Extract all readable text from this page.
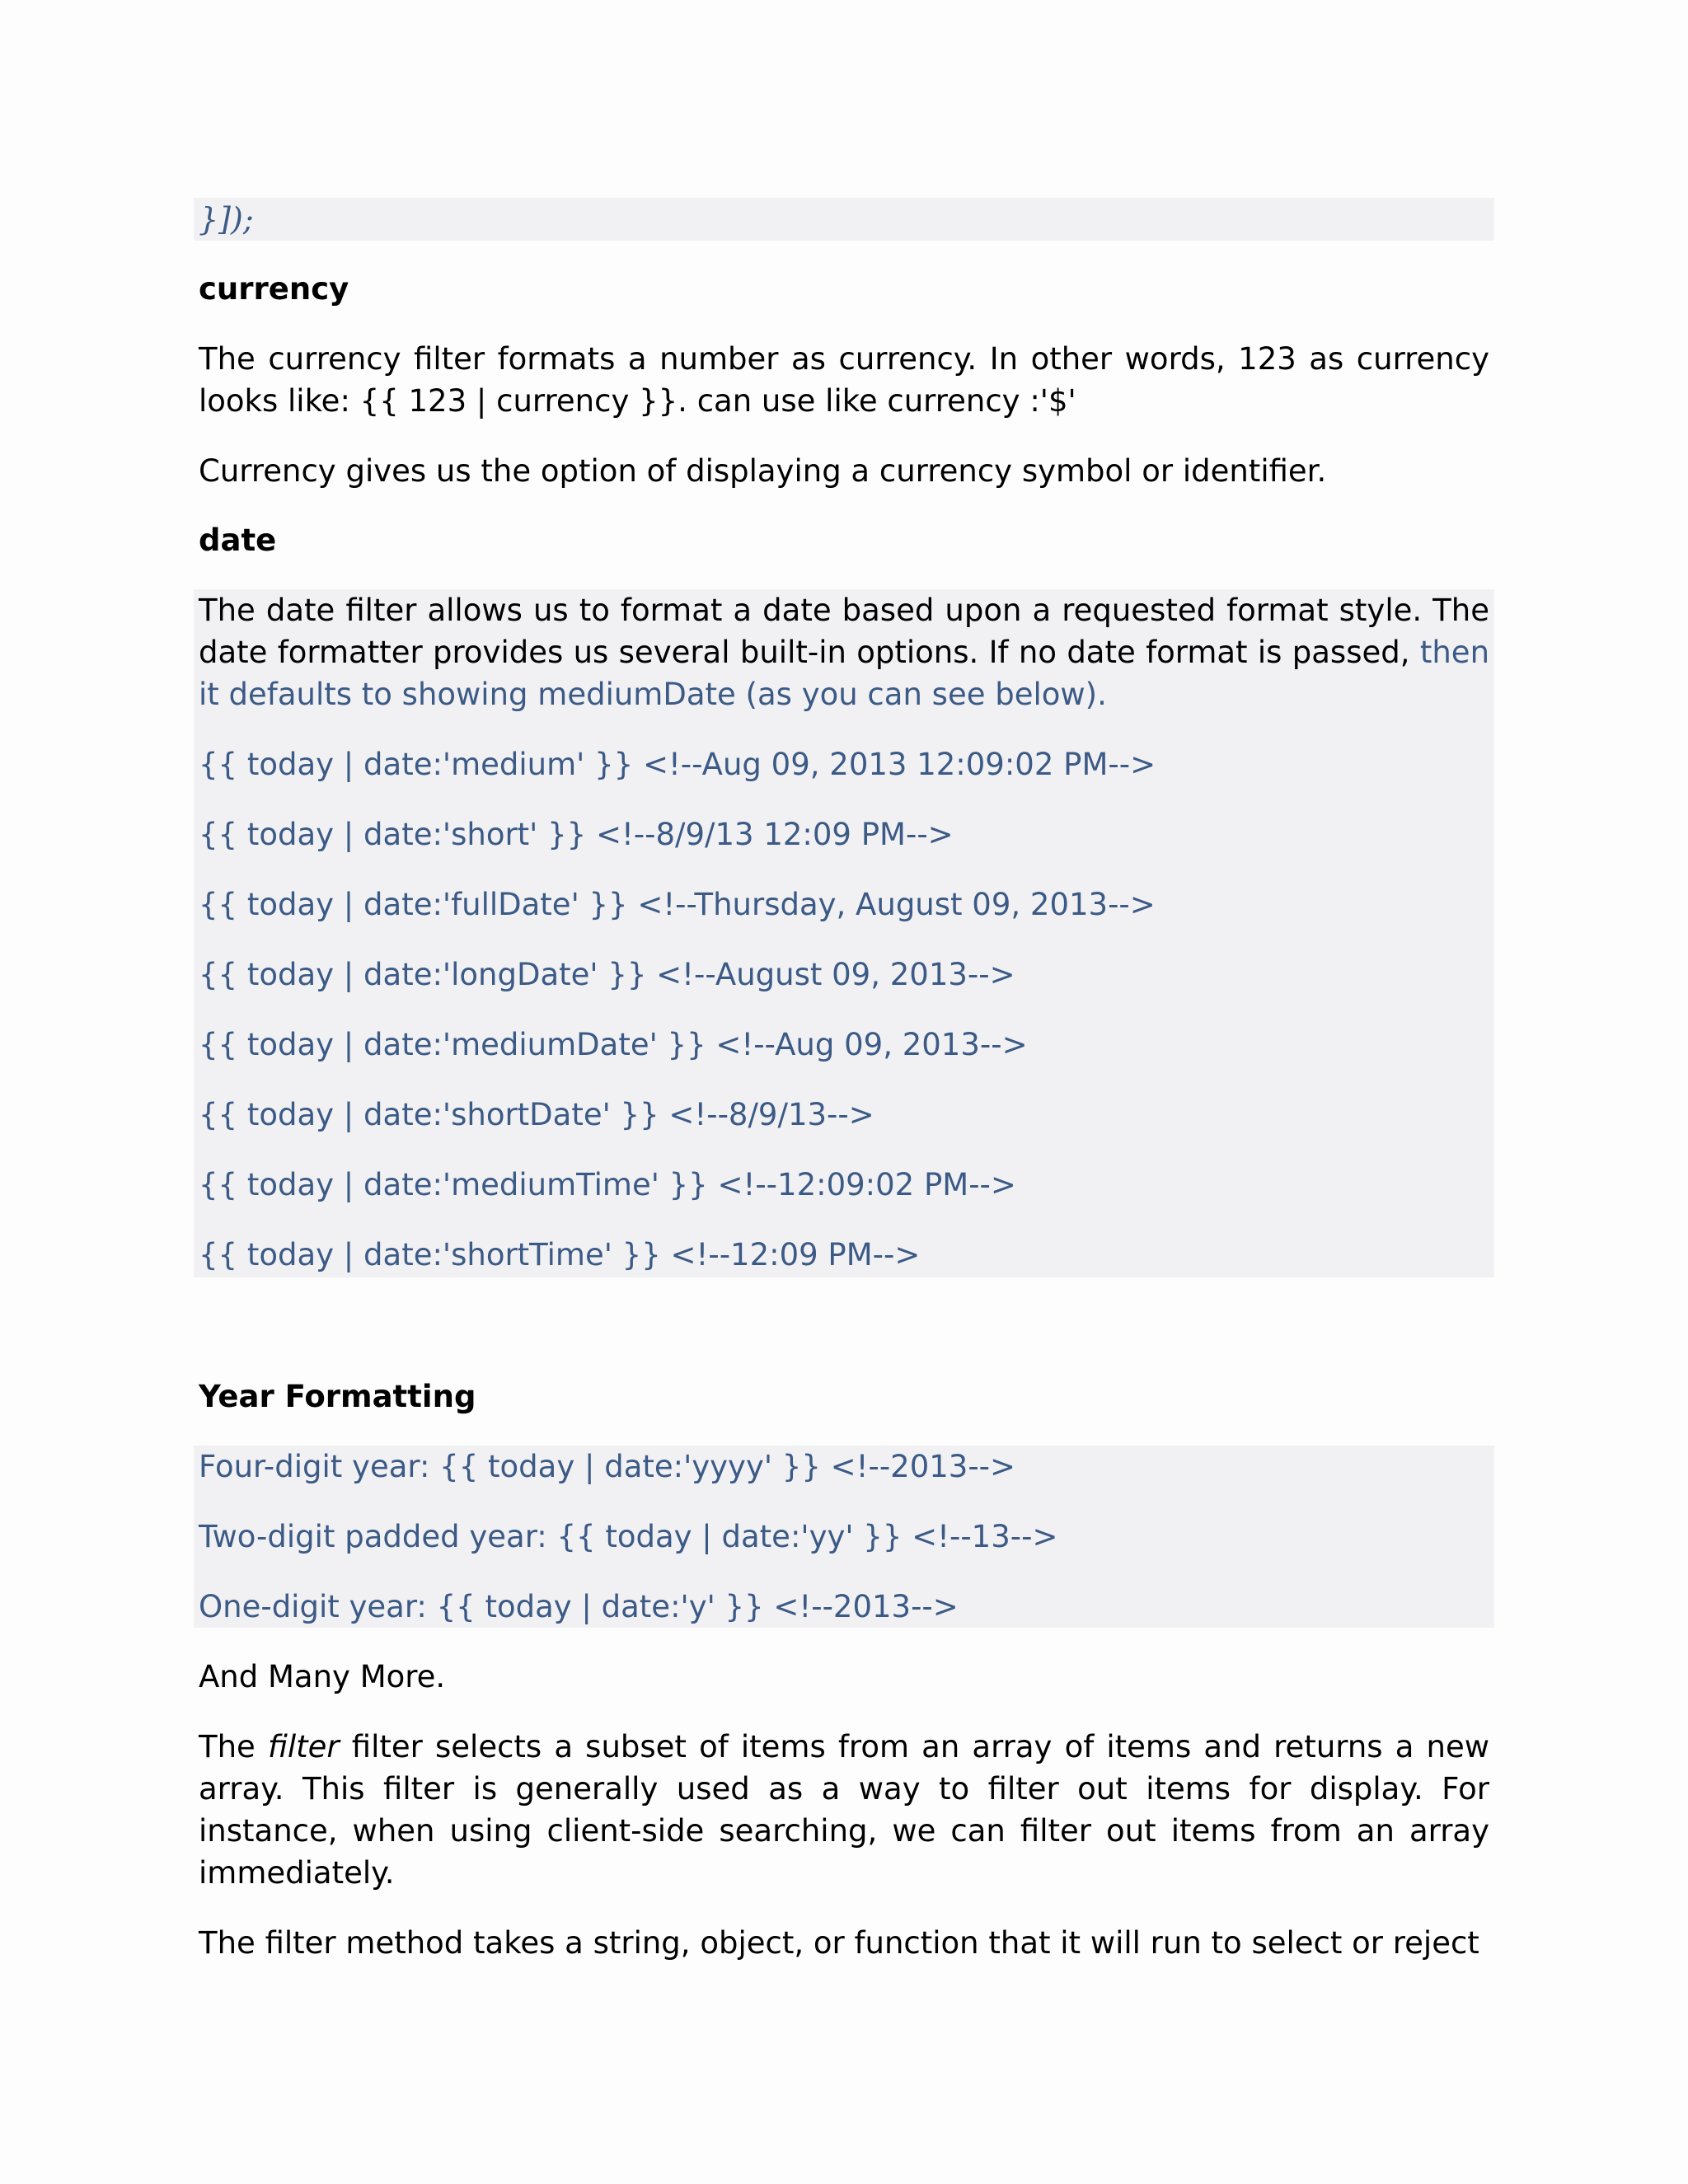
}]);

currency

The currency filter formats a number as currency. In other words, 123 as currency looks like: {{ 123 | currency }}. can use like currency :'$'

Currency gives us the option of displaying a currency symbol or identifier.

date

The date filter allows us to format a date based upon a requested format style. The date formatter provides us several built-in options. If no date format is passed, then it defaults to showing mediumDate (as you can see below).

{{ today | date:'medium' }} <!--Aug 09, 2013 12:09:02 PM-->

{{ today | date:'short' }} <!--8/9/13 12:09 PM-->

{{ today | date:'fullDate' }} <!--Thursday, August 09, 2013-->

{{ today | date:'longDate' }} <!--August 09, 2013-->

{{ today | date:'mediumDate' }} <!--Aug 09, 2013-->

{{ today | date:'shortDate' }} <!--8/9/13-->

{{ today | date:'mediumTime' }} <!--12:09:02 PM-->

{{ today | date:'shortTime' }} <!--12:09 PM-->

Year Formatting

Four-digit year: {{ today | date:'yyyy' }} <!--2013-->

Two-digit padded year: {{ today | date:'yy' }} <!--13-->

One-digit year: {{ today | date:'y' }} <!--2013-->

And Many More.

The filter filter selects a subset of items from an array of items and returns a new array. This filter is generally used as a way to filter out items for display. For instance, when using client-side searching, we can filter out items from an array immediately.

The filter method takes a string, object, or function that it will run to select or reject
